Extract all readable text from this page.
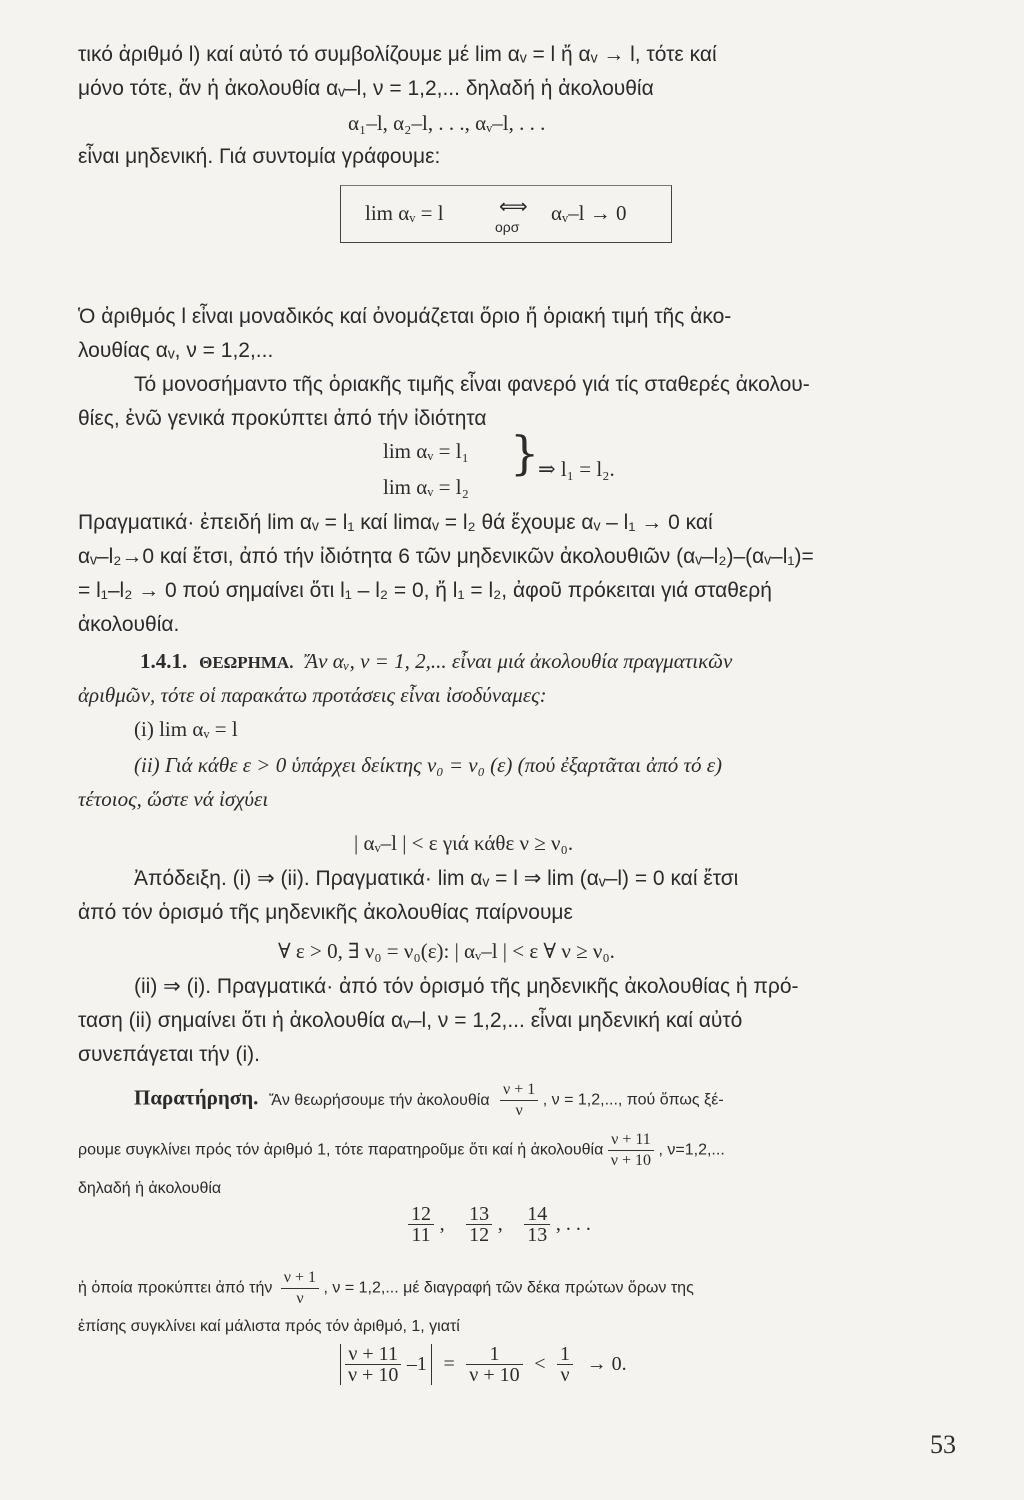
τικό ἀριθμό l) καί αὐτό τό συμβολίζουμε μέ lim αᵥ = l ἤ αᵥ → l, τότε καί
μόνο τότε, ἄν ἡ ἀκολουθία αᵥ–l, ν = 1,2,... δηλαδή ἡ ἀκολουθία
α₁–l, α₂–l, . . ., αᵥ–l, . . .
εἶναι μηδενική. Γιά συντομία γράφουμε:
lim αᵥ = l	⟺
ορσ
αᵥ–l → 0
Ὁ ἀριθμός l εἶναι μοναδικός καί ὀνομάζεται ὅριο ἤ ὁριακή τιμή τῆς ἀκο-
λουθίας αᵥ, ν = 1,2,...
Τό μονοσήμαντο τῆς ὁριακῆς τιμῆς εἶναι φανερό γιά τίς σταθερές ἀκολου-
θίες, ἐνῶ γενικά προκύπτει ἀπό τήν ἰδιότητα
lim αᵥ = l₁
lim αᵥ = l₂
}
⇒ l₁ = l₂.
Πραγματικά· ἐπειδή lim αᵥ = l₁ καί limαᵥ = l₂ θά ἔχουμε αᵥ – l₁ → 0 καί
αᵥ–l₂→0 καί ἔτσι, ἀπό τήν ἰδιότητα 6 τῶν μηδενικῶν ἀκολουθιῶν (αᵥ–l₂)–(αᵥ–l₁)=
= l₁–l₂ → 0 πού σημαίνει ὅτι l₁ – l₂ = 0, ἤ l₁ = l₂, ἀφοῦ πρόκειται γιά σταθερή
ἀκολουθία.
1.4.1. ΘΕΩΡΗΜΑ. Ἄν αᵥ, ν = 1, 2,... εἶναι μιά ἀκολουθία πραγματικῶν
ἀριθμῶν, τότε οἱ παρακάτω προτάσεις εἶναι ἰσοδύναμες:
(i) lim αᵥ = l
(ii) Γιά κάθε ε > 0 ὑπάρχει δείκτης ν₀ = ν₀ (ε) (πού ἐξαρτᾶται ἀπό τό ε)
τέτοιος, ὥστε νά ἰσχύει
| αᵥ–l | < ε γιά κάθε ν ≥ ν₀.
Ἀπόδειξη. (i) ⇒ (ii). Πραγματικά· lim αᵥ = l ⇒ lim (αᵥ–l) = 0 καί ἔτσι
ἀπό τόν ὁρισμό τῆς μηδενικῆς ἀκολουθίας παίρνουμε
∀ ε > 0, ∃ ν₀ = ν₀(ε): | αᵥ–l | < ε ∀ ν ≥ ν₀.
(ii) ⇒ (i). Πραγματικά· ἀπό τόν ὁρισμό τῆς μηδενικῆς ἀκολουθίας ἡ πρό-
ταση (ii) σημαίνει ὅτι ἡ ἀκολουθία αᵥ–l, ν = 1,2,... εἶναι μηδενική καί αὐτό
συνεπάγεται τήν (i).
Παρατήρηση. Ἄν θεωρήσουμε τήν ἀκολουθία $\frac{\nu + 1}{\nu}$ , ν = 1,2,..., πού ὅπως ξέ-
ρουμε συγκλίνει πρός τόν ἀριθμό 1, τότε παρατηροῦμε ὅτι καί ἡ ἀκολουθία $\frac{\nu + 11}{\nu + 10}$ , ν=1,2,...
δηλαδή ἡ ἀκολουθία
$\frac{12}{11}$ , $\frac{13}{12}$ , $\frac{14}{13}$ , . . .
ἡ ὁποία προκύπτει ἀπό τήν $\frac{\nu + 1}{\nu}$ , ν = 1,2,... μέ διαγραφή τῶν δέκα πρώτων ὅρων της
ἐπίσης συγκλίνει καί μάλιστα πρός τόν ἀριθμό, 1, γιατί
$\frac{\nu + 11}{\nu + 10} -1 = \frac{1}{\nu + 10} < \frac{1}{\nu} \to 0$.
53
